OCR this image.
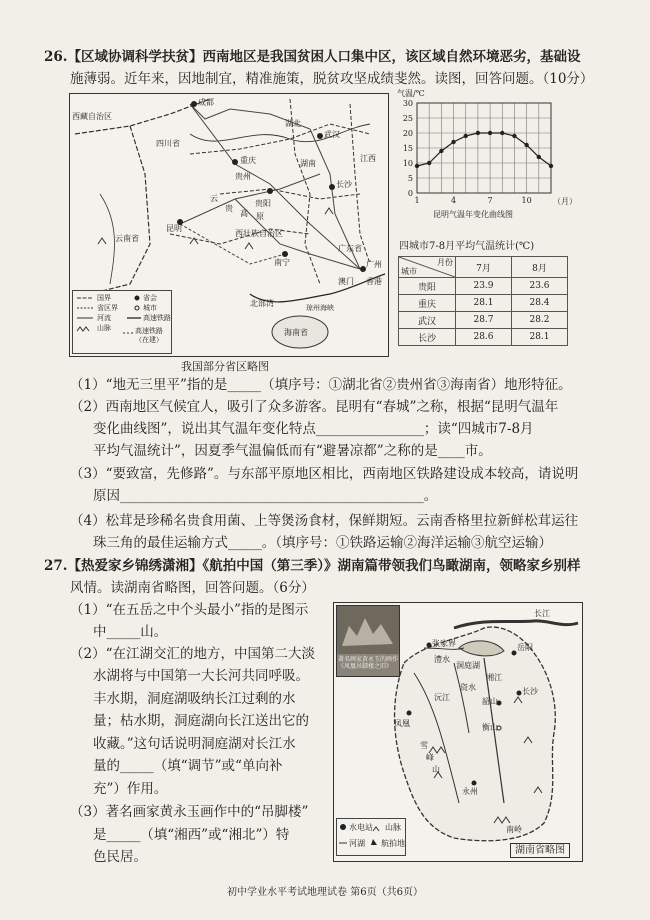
26.【区域协调科学扶贫】西南地区是我国贫困人口集中区，该区域自然环境恶劣，基础设
施薄弱。近年来，因地制宜，精准施策，脱贫攻坚成绩斐然。读图，回答问题。（10分）
成都
四川省
西藏自治区
重庆
湖北
武汉
贵州
贵阳
湖南
长沙
江西
云南省
昆明
云
贵
高 原
西壮族自治区
南宁
广东省
广州
澳门 香港
北部湾	琼州海峡
海南省
国界
省区界
河流
山脉
省会
城市
高速铁路
高速铁路（在建）
我国部分省区略图
0
5
10
15
20
25
30
1	4	7	10
气温/℃
（月）
昆明气温年变化曲线图
四城市7-8月平均气温统计(℃)
月份
城市	7月	8月
贵阳	23.9	23.6
重庆	28.1	28.4
武汉	28.7	28.2
长沙	28.6	28.1
（1）“地无三里平”指的是_____（填序号：①湖北省②贵州省③海南省）地形特征。
（2）西南地区气候宜人，吸引了众多游客。昆明有“春城”之称，根据“昆明气温年
变化曲线图”，说出其气温年变化特点________________；读“四城市7-8月
平均气温统计”，因夏季气温偏低而有“避暑凉都”之称的是____市。
（3）“要致富，先修路”。与东部平原地区相比，西南地区铁路建设成本较高，请说明
原因_____________________________________________。
（4）松茸是珍稀名贵食用菌、上等煲汤食材，保鲜期短。云南香格里拉新鲜松茸运往
珠三角的最佳运输方式_____。（填序号：①铁路运输②海洋运输③航空运输）
27.【热爱家乡锦绣潇湘】《航拍中国（第三季）》湖南篇带领我们鸟瞰湖南，领略家乡别样
风情。读湖南省略图，回答问题。（6分）
（1）“在五岳之中个头最小”指的是图示
中_____山。
（2）“在江湖交汇的地方，中国第二大淡
水湖将与中国第一大长河共同呼吸。
丰水期，洞庭湖吸纳长江过剩的水
量；枯水期，洞庭湖向长江送出它的
收藏。”这句话说明洞庭湖对长江水
量的_____（填“调节”或“单向补
充”）作用。
（3）著名画家黄永玉画作中的“吊脚楼”
是_____（填“湘西”或“湘北”）特
色民居。
张家界
长江
岳阳
洞庭湖
澧水
长沙
韶山
衡山
凤凰
沅江
资水
湘江
雪
峰
山
永州
南岭
著名画家黄永玉的画作《凤凰吊脚楼之旧》
水电站 山脉
河湖 航拍地
湖南省略图
初中学业水平考试地理试卷 第6页（共6页）
